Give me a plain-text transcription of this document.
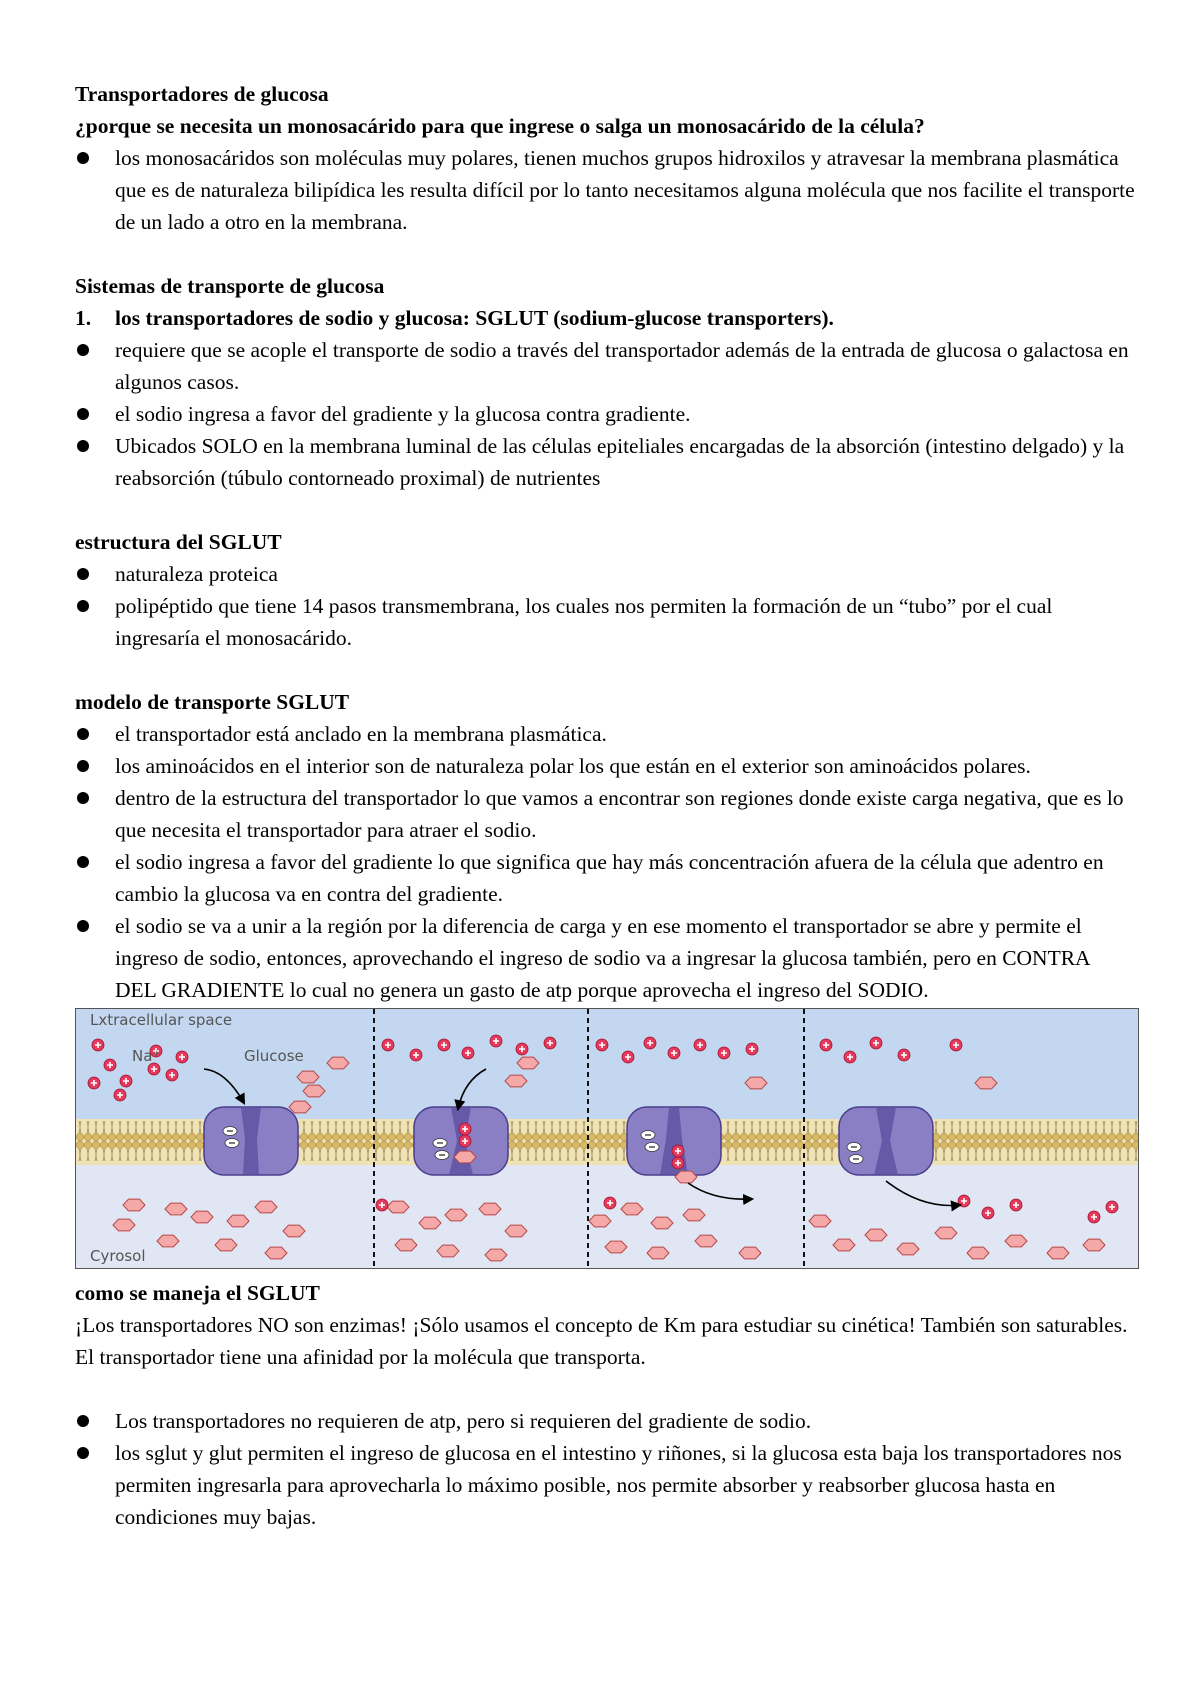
Transportadores de glucosa

¿porque se necesita un monosacárido para que ingrese o salga un monosacárido de la célula?

los monosacáridos son moléculas muy polares, tienen muchos grupos hidroxilos y atravesar la membrana plasmática que es de naturaleza bilipídica les resulta difícil por lo tanto necesitamos alguna molécula que nos facilite el transporte de un lado a otro en la membrana.

Sistemas de transporte de glucosa

1. los transportadores de sodio y glucosa: SGLUT (sodium-glucose transporters).
requiere que se acople el transporte de sodio a través del transportador además de la entrada de glucosa o galactosa en algunos casos.
el sodio ingresa a favor del gradiente y la glucosa contra gradiente.
Ubicados SOLO en la membrana luminal de las células epiteliales encargadas de la absorción (intestino delgado) y la reabsorción (túbulo contorneado proximal) de nutrientes

estructura del SGLUT

naturaleza proteica
polipéptido que tiene 14 pasos transmembrana, los cuales nos permiten la formación de un “tubo” por el cual ingresaría el monosacárido.

modelo de transporte SGLUT

el transportador está anclado en la membrana plasmática.
los aminoácidos en el interior son de naturaleza polar los que están en el exterior son aminoácidos polares.
dentro de la estructura del transportador lo que vamos a encontrar son regiones donde existe carga negativa, que es lo que necesita el transportador para atraer el sodio.
el sodio ingresa a favor del gradiente lo que significa que hay más concentración afuera de la célula que adentro en cambio la glucosa va en contra del gradiente.
el sodio se va a unir a la región por la diferencia de carga y en ese momento el transportador se abre y permite el ingreso de sodio, entonces, aprovechando el ingreso de sodio va a ingresar la glucosa también, pero en CONTRA DEL GRADIENTE lo cual no genera un gasto de atp porque aprovecha el ingreso del SODIO.
Lxtracellular space
Na⁺	Glucose
Cyrosol

como se maneja el SGLUT

¡Los transportadores NO son enzimas! ¡Sólo usamos el concepto de Km para estudiar su cinética! También son saturables.

El transportador tiene una afinidad por la molécula que transporta.

Los transportadores no requieren de atp, pero si requieren del gradiente de sodio.
los sglut y glut permiten el ingreso de glucosa en el intestino y riñones, si la glucosa esta baja los transportadores nos permiten ingresarla para aprovecharla lo máximo posible, nos permite absorber y reabsorber glucosa hasta en condiciones muy bajas.
